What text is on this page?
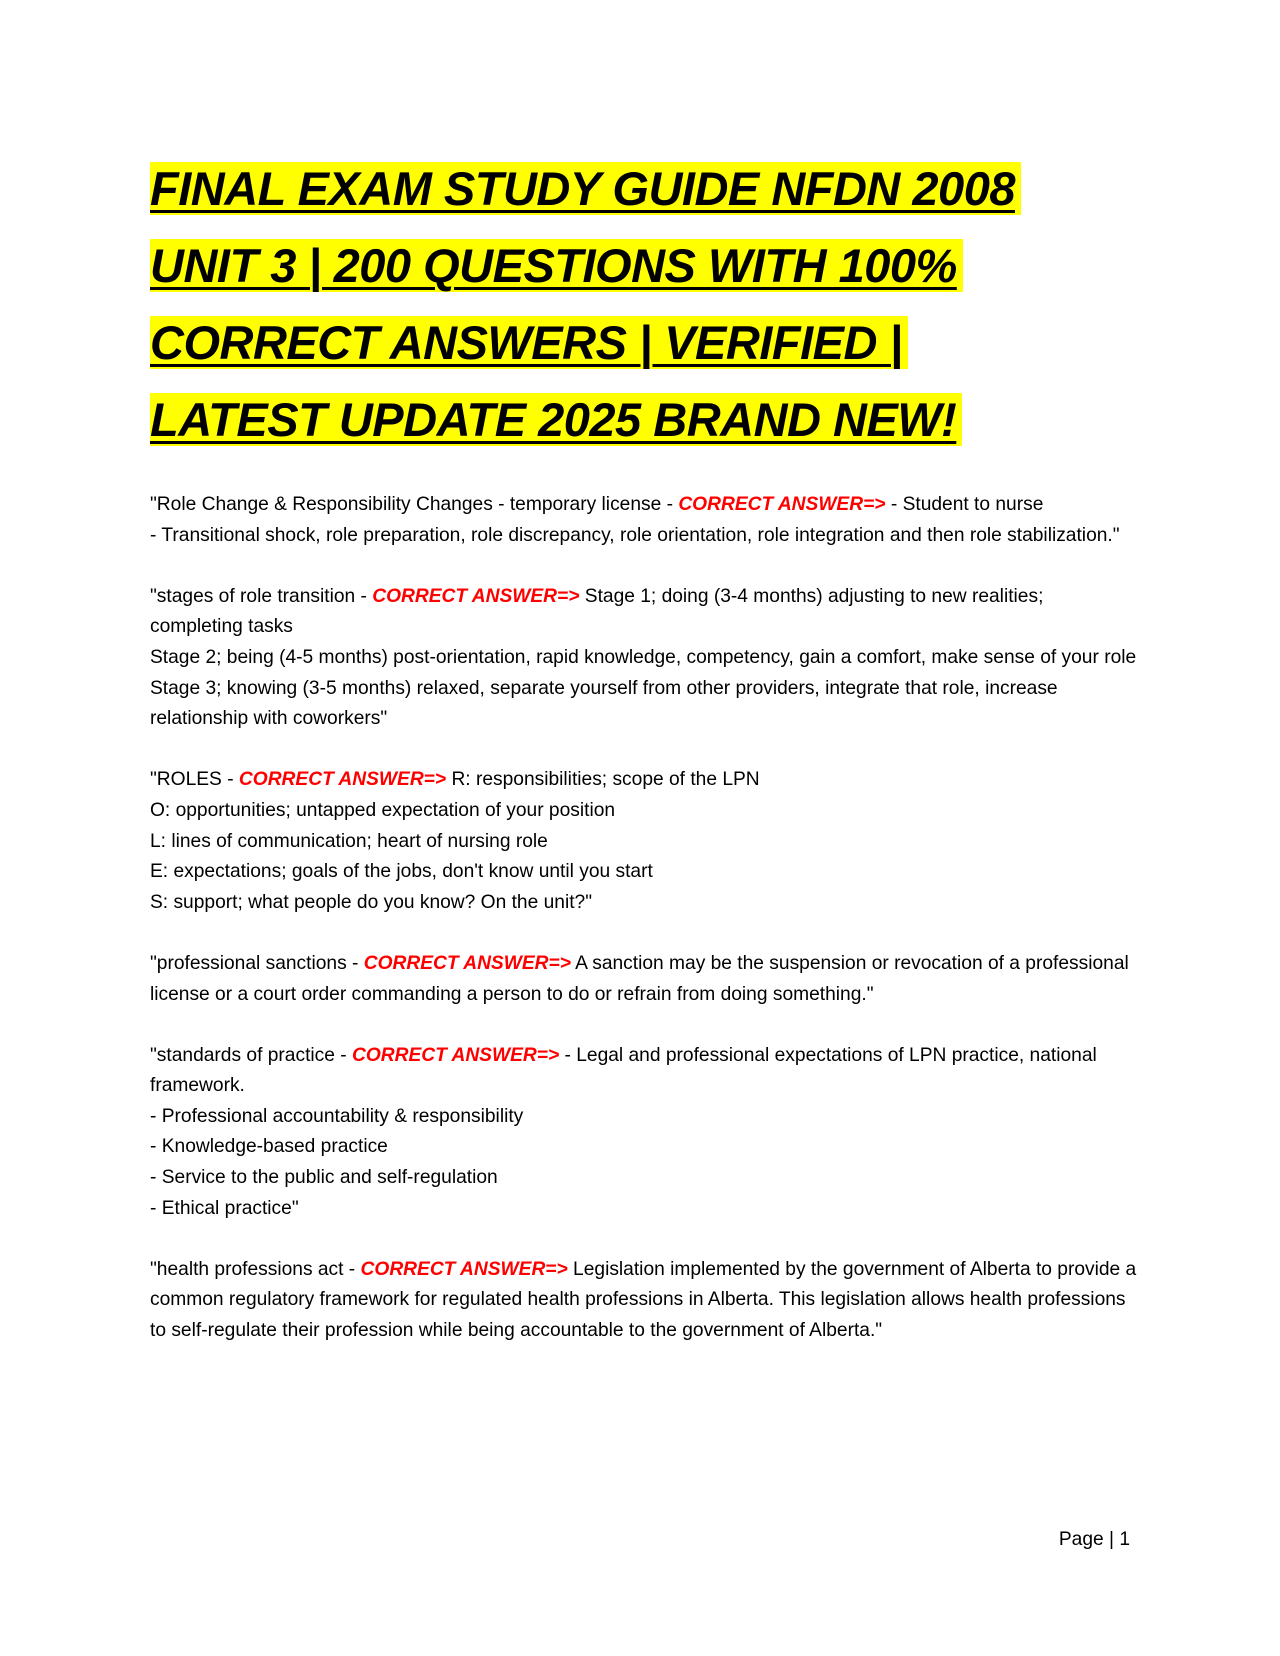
FINAL EXAM STUDY GUIDE NFDN 2008
UNIT 3 | 200 QUESTIONS WITH 100%
CORRECT ANSWERS | VERIFIED |
LATEST UPDATE 2025 BRAND NEW!

"Role Change & Responsibility Changes - temporary license - CORRECT ANSWER=> - Student to nurse
- Transitional shock, role preparation, role discrepancy, role orientation, role integration and then role stabilization."

"stages of role transition - CORRECT ANSWER=> Stage 1; doing (3-4 months) adjusting to new realities; completing tasks
Stage 2; being (4-5 months) post-orientation, rapid knowledge, competency, gain a comfort, make sense of your role
Stage 3; knowing (3-5 months) relaxed, separate yourself from other providers, integrate that role, increase relationship with coworkers"

"ROLES - CORRECT ANSWER=> R: responsibilities; scope of the LPN
O: opportunities; untapped expectation of your position
L: lines of communication; heart of nursing role
E: expectations; goals of the jobs, don't know until you start
S: support; what people do you know? On the unit?"

"professional sanctions - CORRECT ANSWER=> A sanction may be the suspension or revocation of a professional license or a court order commanding a person to do or refrain from doing something."

"standards of practice - CORRECT ANSWER=> - Legal and professional expectations of LPN practice, national framework.
- Professional accountability & responsibility
- Knowledge-based practice
- Service to the public and self-regulation
- Ethical practice"

"health professions act - CORRECT ANSWER=> Legislation implemented by the government of Alberta to provide a common regulatory framework for regulated health professions in Alberta. This legislation allows health professions to self-regulate their profession while being accountable to the government of Alberta."

Page | 1
